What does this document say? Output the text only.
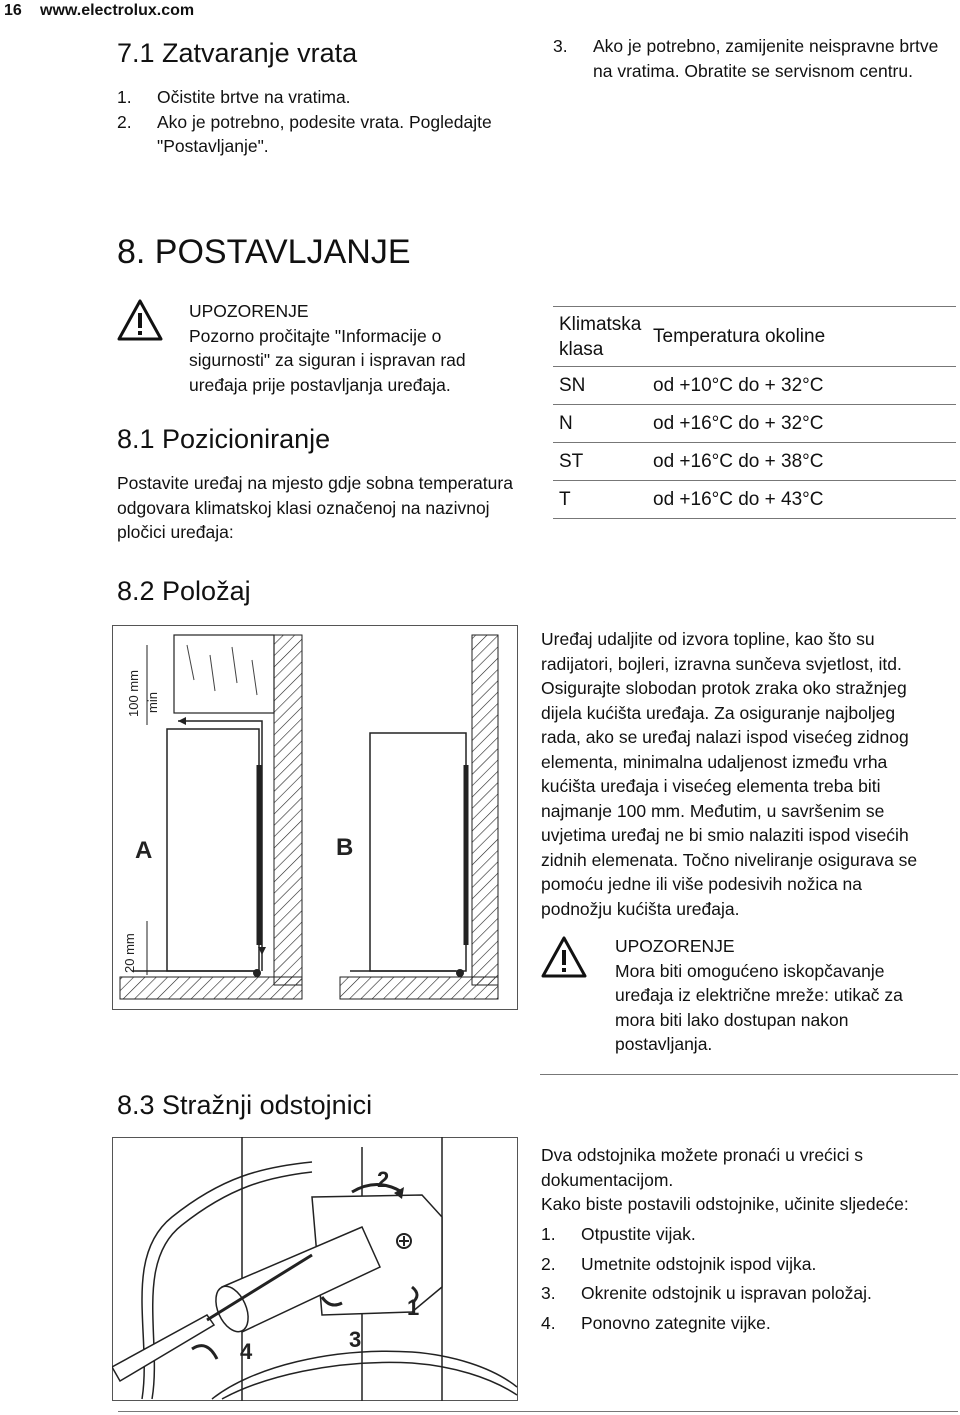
16 www.electrolux.com
7.1 Zatvaranje vrata
1. Očistite brtve na vratima.
2. Ako je potrebno, podesite vrata. Pogledajte "Postavljanje".
3. Ako je potrebno, zamijenite neispravne brtve na vratima. Obratite se servisnom centru.
8. POSTAVLJANJE
UPOZORENJE
Pozorno pročitajte "Informacije o sigurnosti" za siguran i ispravan rad uređaja prije postavljanja uređaja.
8.1 Pozicioniranje
Postavite uređaj na mjesto gdje sobna temperatura odgovara klimatskoj klasi označenoj na nazivnoj pločici uređaja:
Klimatska klasa	Temperatura okoline
SN	od +10°C do + 32°C
N	od +16°C do + 32°C
ST	od +16°C do + 38°C
T	od +16°C do + 43°C
8.2 Položaj
A
100 mm min
20 mm
B
Uređaj udaljite od izvora topline, kao što su radijatori, bojleri, izravna sunčeva svjetlost, itd. Osigurajte slobodan protok zraka oko stražnjeg dijela kućišta uređaja. Za osiguranje najboljeg rada, ako se uređaj nalazi ispod visećeg zidnog elementa, minimalna udaljenost između vrha kućišta uređaja i visećeg elementa treba biti najmanje 100 mm. Međutim, u savršenim se uvjetima uređaj ne bi smio nalaziti ispod visećih zidnih elemenata. Točno niveliranje osigurava se pomoću jedne ili više podesivih nožica na podnožju kućišta uređaja.
UPOZORENJE
Mora biti omogućeno iskopčavanje uređaja iz električne mreže: utikač za mora biti lako dostupan nakon postavljanja.
8.3 Stražnji odstojnici
3
1
2
4
Dva odstojnika možete pronaći u vrećici s dokumentacijom.
Kako biste postavili odstojnike, učinite sljedeće:
1. Otpustite vijak.
2. Umetnite odstojnik ispod vijka.
3. Okrenite odstojnik u ispravan položaj.
4. Ponovno zategnite vijke.
